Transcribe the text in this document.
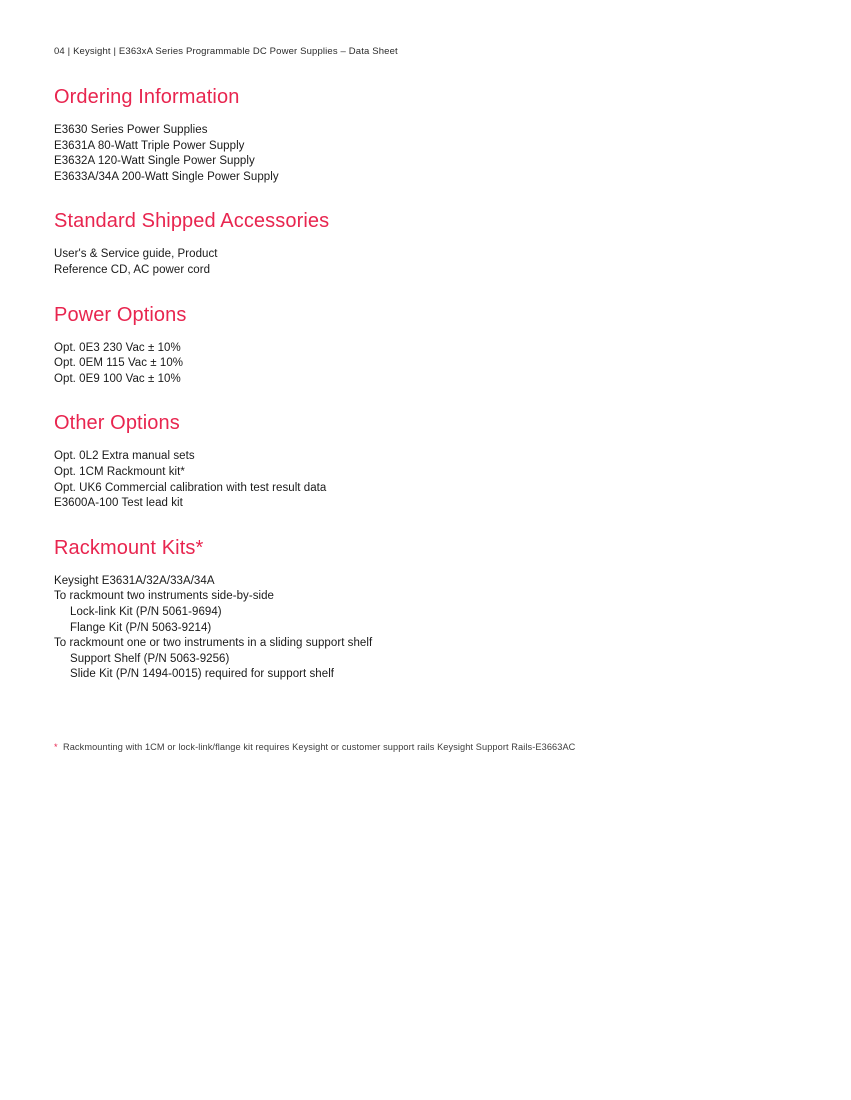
04 | Keysight | E363xA Series Programmable DC Power Supplies – Data Sheet
Ordering Information
E3630 Series Power Supplies
E3631A 80-Watt Triple Power Supply
E3632A 120-Watt Single Power Supply
E3633A/34A 200-Watt Single Power Supply
Standard Shipped Accessories
User's & Service guide, Product
Reference CD, AC power cord
Power Options
Opt. 0E3 230 Vac ± 10%
Opt. 0EM 115 Vac ± 10%
Opt. 0E9 100 Vac ± 10%
Other Options
Opt. 0L2 Extra manual sets
Opt. 1CM Rackmount kit*
Opt. UK6 Commercial calibration with test result data
E3600A-100 Test lead kit
Rackmount Kits*
Keysight E3631A/32A/33A/34A
To rackmount two instruments side-by-side
Lock-link Kit (P/N 5061-9694)
Flange Kit (P/N 5063-9214)
To rackmount one or two instruments in a sliding support shelf
Support Shelf (P/N 5063-9256)
Slide Kit (P/N 1494-0015) required for support shelf
*  Rackmounting with 1CM or lock-link/flange kit requires Keysight or customer support rails Keysight Support Rails-E3663AC
